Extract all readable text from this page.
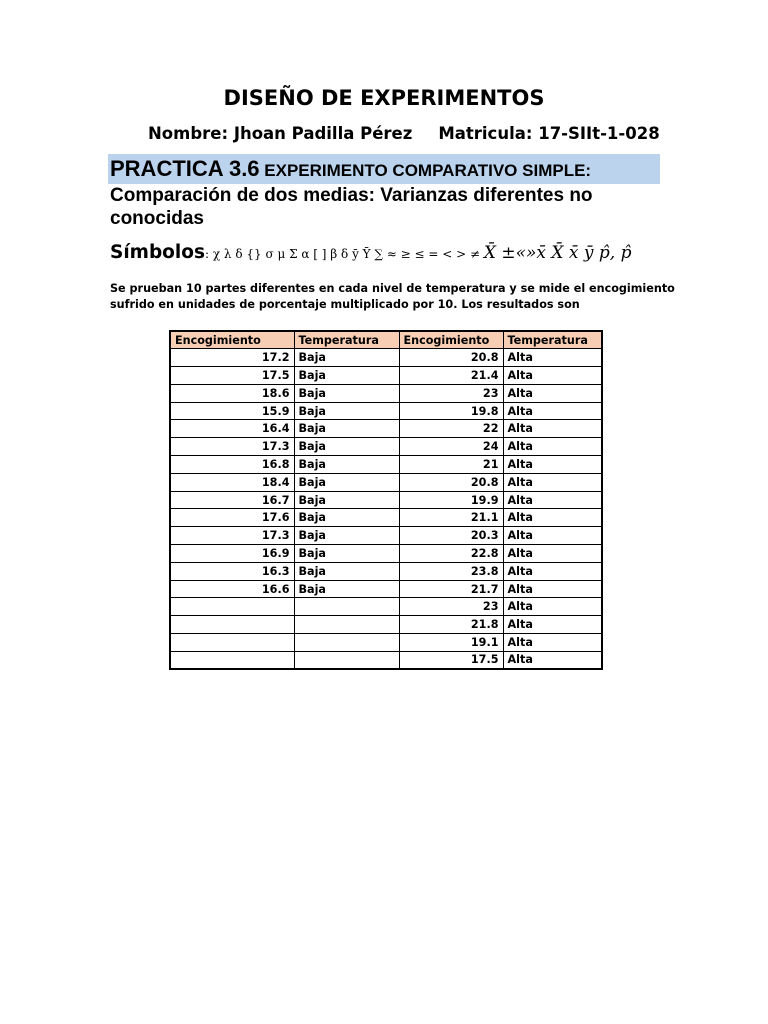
DISEÑO DE EXPERIMENTOS
Nombre: Jhoan Padilla Pérez Matricula: 17-SIIt-1-028
PRACTICA 3.6 EXPERIMENTO COMPARATIVO SIMPLE:
Comparación de dos medias: Varianzas diferentes no conocidas
Símbolos: χ λ δ {} σ μ Σ α [ ] β δ ȳ Ȳ ∑ ≈ ≥ ≤ = < > ≠ X̄ ±«»x̄ X̄ x̄ ȳ p̂, p̂
Se prueban 10 partes diferentes en cada nivel de temperatura y se mide el encogimiento sufrido en unidades de porcentaje multiplicado por 10. Los resultados son
Encogimiento	Temperatura	Encogimiento	Temperatura
17.2	Baja	20.8	Alta
17.5	Baja	21.4	Alta
18.6	Baja	23	Alta
15.9	Baja	19.8	Alta
16.4	Baja	22	Alta
17.3	Baja	24	Alta
16.8	Baja	21	Alta
18.4	Baja	20.8	Alta
16.7	Baja	19.9	Alta
17.6	Baja	21.1	Alta
17.3	Baja	20.3	Alta
16.9	Baja	22.8	Alta
16.3	Baja	23.8	Alta
16.6	Baja	21.7	Alta
		23	Alta
		21.8	Alta
		19.1	Alta
		17.5	Alta
